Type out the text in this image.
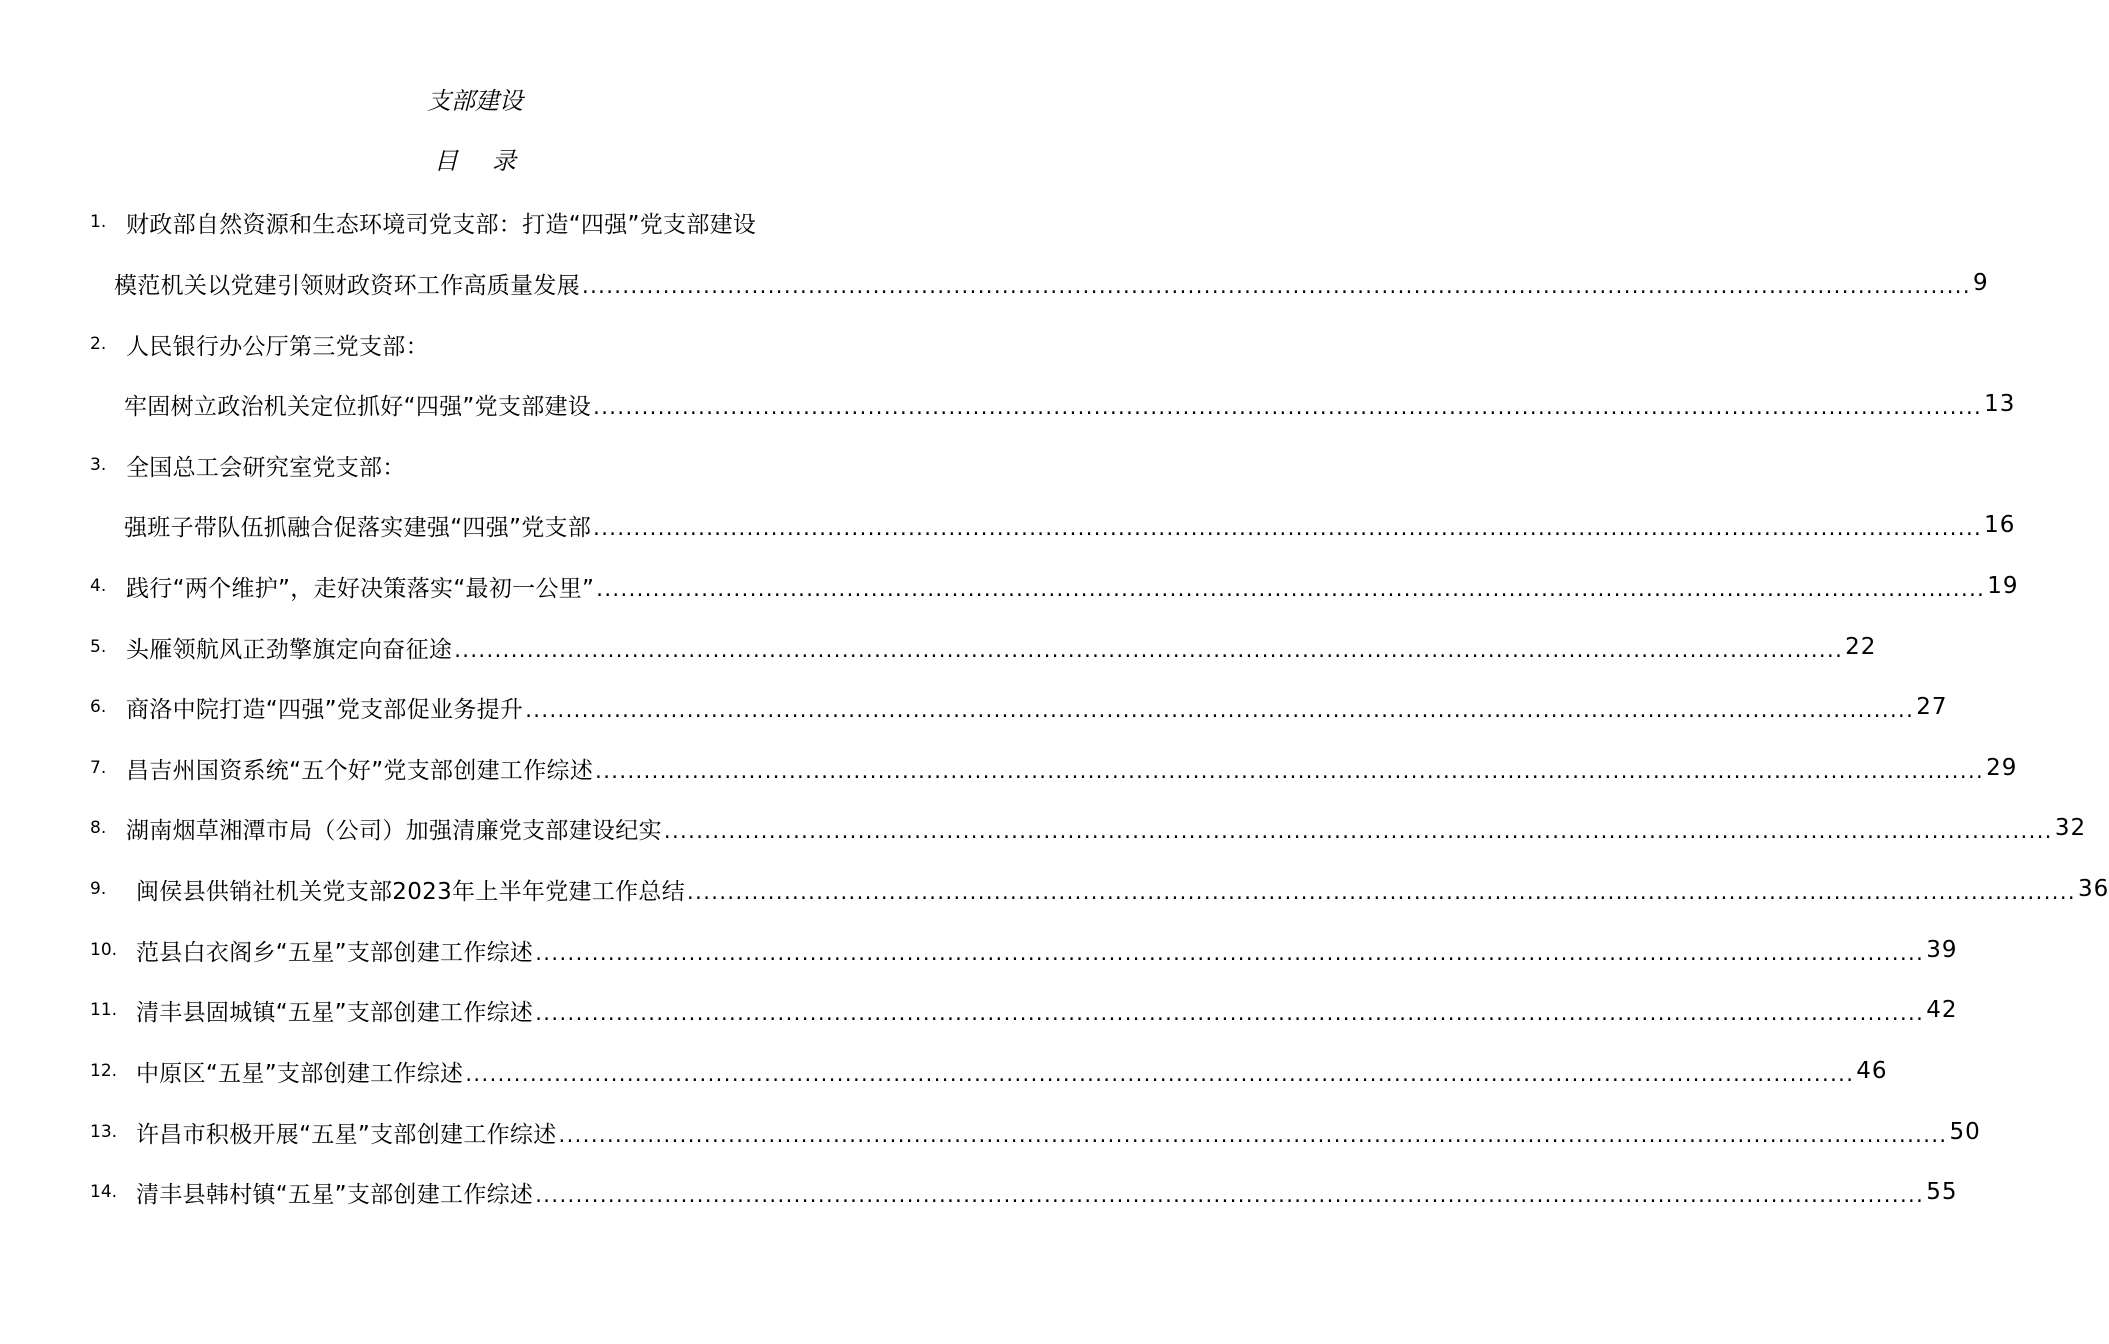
支部建设
目录
1. 财政部自然资源和生态环境司党支部：打造“四强”党支部建设
模范机关以党建引领财政资环工作高质量发展 .....	9
2. 人民银行办公厅第三党支部：
牢固树立政治机关定位抓好“四强”党支部建设 .....	13
3. 全国总工会研究室党支部：
强班子带队伍抓融合促落实建强“四强”党支部 .....	16
4. 践行“两个维护”，走好决策落实“最初一公里” .....	19
5. 头雁领航风正劲擎旗定向奋征途 .....	22
6. 商洛中院打造“四强”党支部促业务提升 .....	27
7. 昌吉州国资系统“五个好”党支部创建工作综述 .....	29
8. 湖南烟草湘潭市局（公司）加强清廉党支部建设纪实 .....	32
9.	闽侯县供销社机关党支部2023年上半年党建工作总结 .....	36
10. 范县白衣阁乡“五星”支部创建工作综述 .....	39
11. 清丰县固城镇“五星”支部创建工作综述 .....	42
12. 中原区“五星”支部创建工作综述 .....	46
13. 许昌市积极开展“五星”支部创建工作综述 .....	50
14. 清丰县韩村镇“五星”支部创建工作综述 .....	55
